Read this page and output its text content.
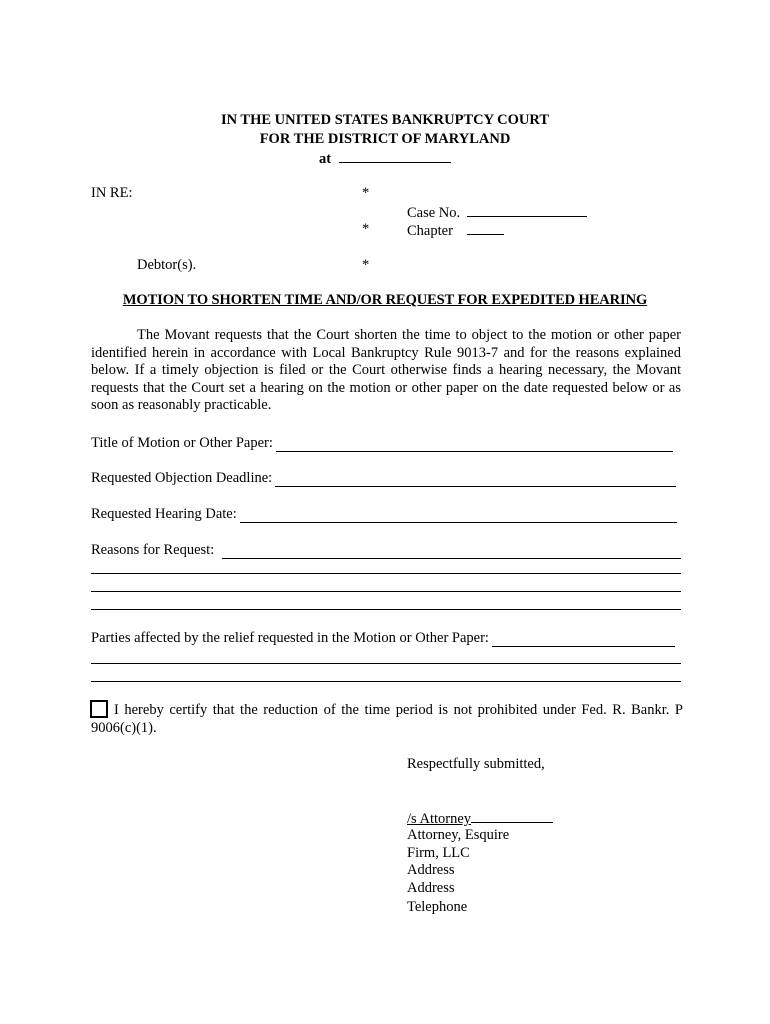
IN THE UNITED STATES BANKRUPTCY COURT
FOR THE DISTRICT OF MARYLAND
at
IN RE:	*
Case No.
*	Chapter
Debtor(s).	*
MOTION TO SHORTEN TIME AND/OR REQUEST FOR EXPEDITED HEARING
The Movant requests that the Court shorten the time to object to the motion or other paper identified herein in accordance with Local Bankruptcy Rule 9013-7 and for the reasons explained below. If a timely objection is filed or the Court otherwise finds a hearing necessary, the Movant requests that the Court set a hearing on the motion or other paper on the date requested below or as soon as reasonably practicable.
Title of Motion or Other Paper:
Requested Objection Deadline:
Requested Hearing Date:
Reasons for Request:
Parties affected by the relief requested in the Motion or Other Paper:
I hereby certify that the reduction of the time period is not prohibited under Fed. R. Bankr. P 9006(c)(1).
Respectfully submitted,
/s Attorney
Attorney, Esquire
Firm, LLC
Address
Address
Telephone
